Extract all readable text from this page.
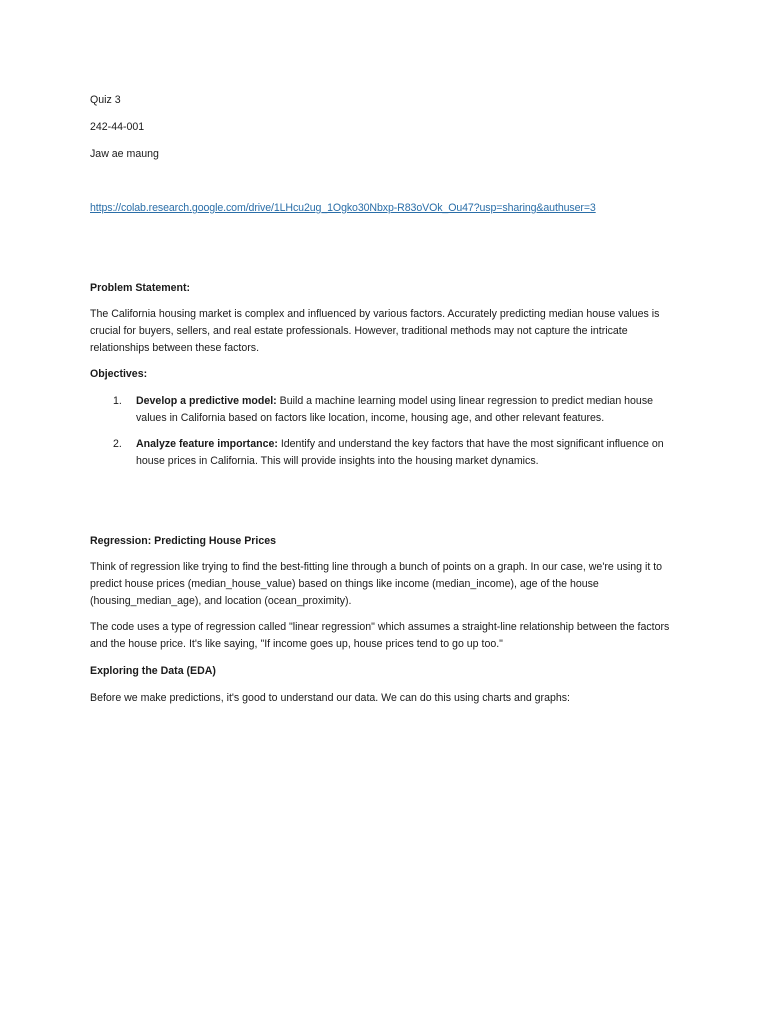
Quiz 3

242-44-001

Jaw ae maung

https://colab.research.google.com/drive/1LHcu2ug_1Ogko30Nbxp-R83oVOk_Ou47?usp=sharing&authuser=3

Problem Statement:

The California housing market is complex and influenced by various factors. Accurately predicting median house values is crucial for buyers, sellers, and real estate professionals. However, traditional methods may not capture the intricate relationships between these factors.

Objectives:

1. Develop a predictive model: Build a machine learning model using linear regression to predict median house values in California based on factors like location, income, housing age, and other relevant features.
2. Analyze feature importance: Identify and understand the key factors that have the most significant influence on house prices in California. This will provide insights into the housing market dynamics.

Regression: Predicting House Prices

Think of regression like trying to find the best-fitting line through a bunch of points on a graph. In our case, we're using it to predict house prices (median_house_value) based on things like income (median_income), age of the house (housing_median_age), and location (ocean_proximity).

The code uses a type of regression called "linear regression" which assumes a straight-line relationship between the factors and the house price. It's like saying, "If income goes up, house prices tend to go up too."

Exploring the Data (EDA)

Before we make predictions, it's good to understand our data. We can do this using charts and graphs:
